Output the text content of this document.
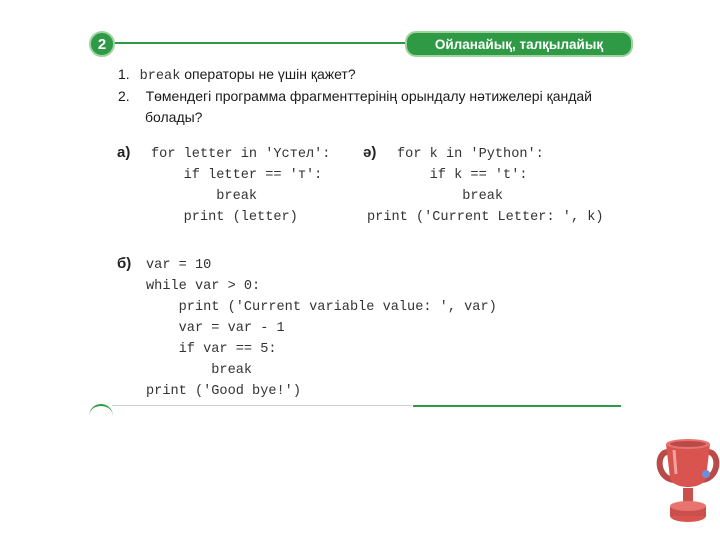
2	Ойланайық, талқылайық
1. break операторы не үшін қажет?
2. Төмендегі программа фрагменттерінің орындалу нәтижелері қандай
болады?
а) for letter in 'Үстел':
if letter == 'т':
break
print (letter)
ә)	for k in 'Python':
if k == 't':
break
print ('Current Letter: ', k)
б) var = 10
while var > 0:
print ('Current variable value: ', var)
var = var - 1
if var == 5:
break
print ('Good bye!')
